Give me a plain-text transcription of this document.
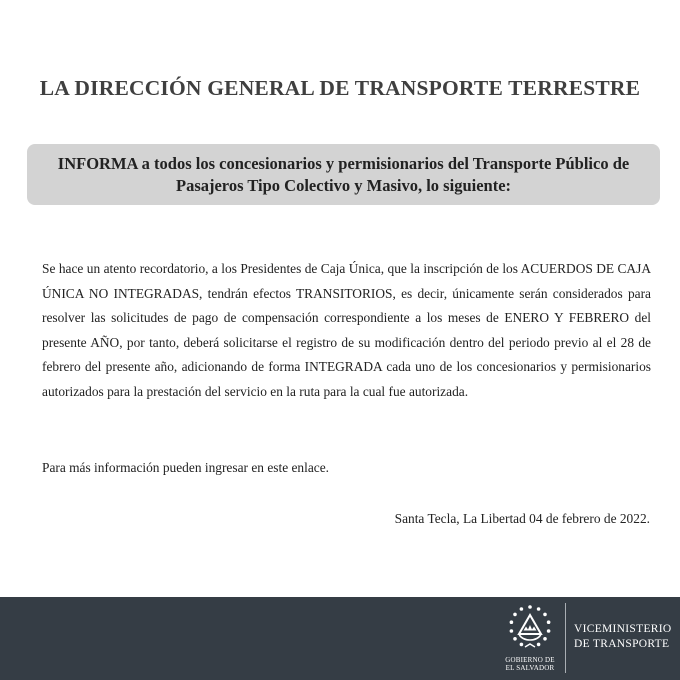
LA DIRECCIÓN GENERAL DE TRANSPORTE TERRESTRE
INFORMA a todos los concesionarios y permisionarios del Transporte Público de
Pasajeros Tipo Colectivo y Masivo, lo siguiente:

Se hace un atento recordatorio, a los Presidentes de Caja Única, que la inscripción de los ACUERDOS DE CAJA ÚNICA NO INTEGRADAS, tendrán efectos TRANSITORIOS, es decir, únicamente serán considerados para resolver las solicitudes de pago de compensación correspondiente a los meses de ENERO Y FEBRERO del presente AÑO, por tanto, deberá solicitarse el registro de su modificación dentro del periodo previo al el 28 de febrero del presente año, adicionando de forma INTEGRADA cada uno de los concesionarios y permisionarios autorizados para la prestación del servicio en la ruta para la cual fue autorizada.

Para más información pueden ingresar en este enlace.
Santa Tecla, La Libertad 04 de febrero de 2022.
GOBIERNO DE
EL SALVADOR
VICEMINISTERIO
DE TRANSPORTE
